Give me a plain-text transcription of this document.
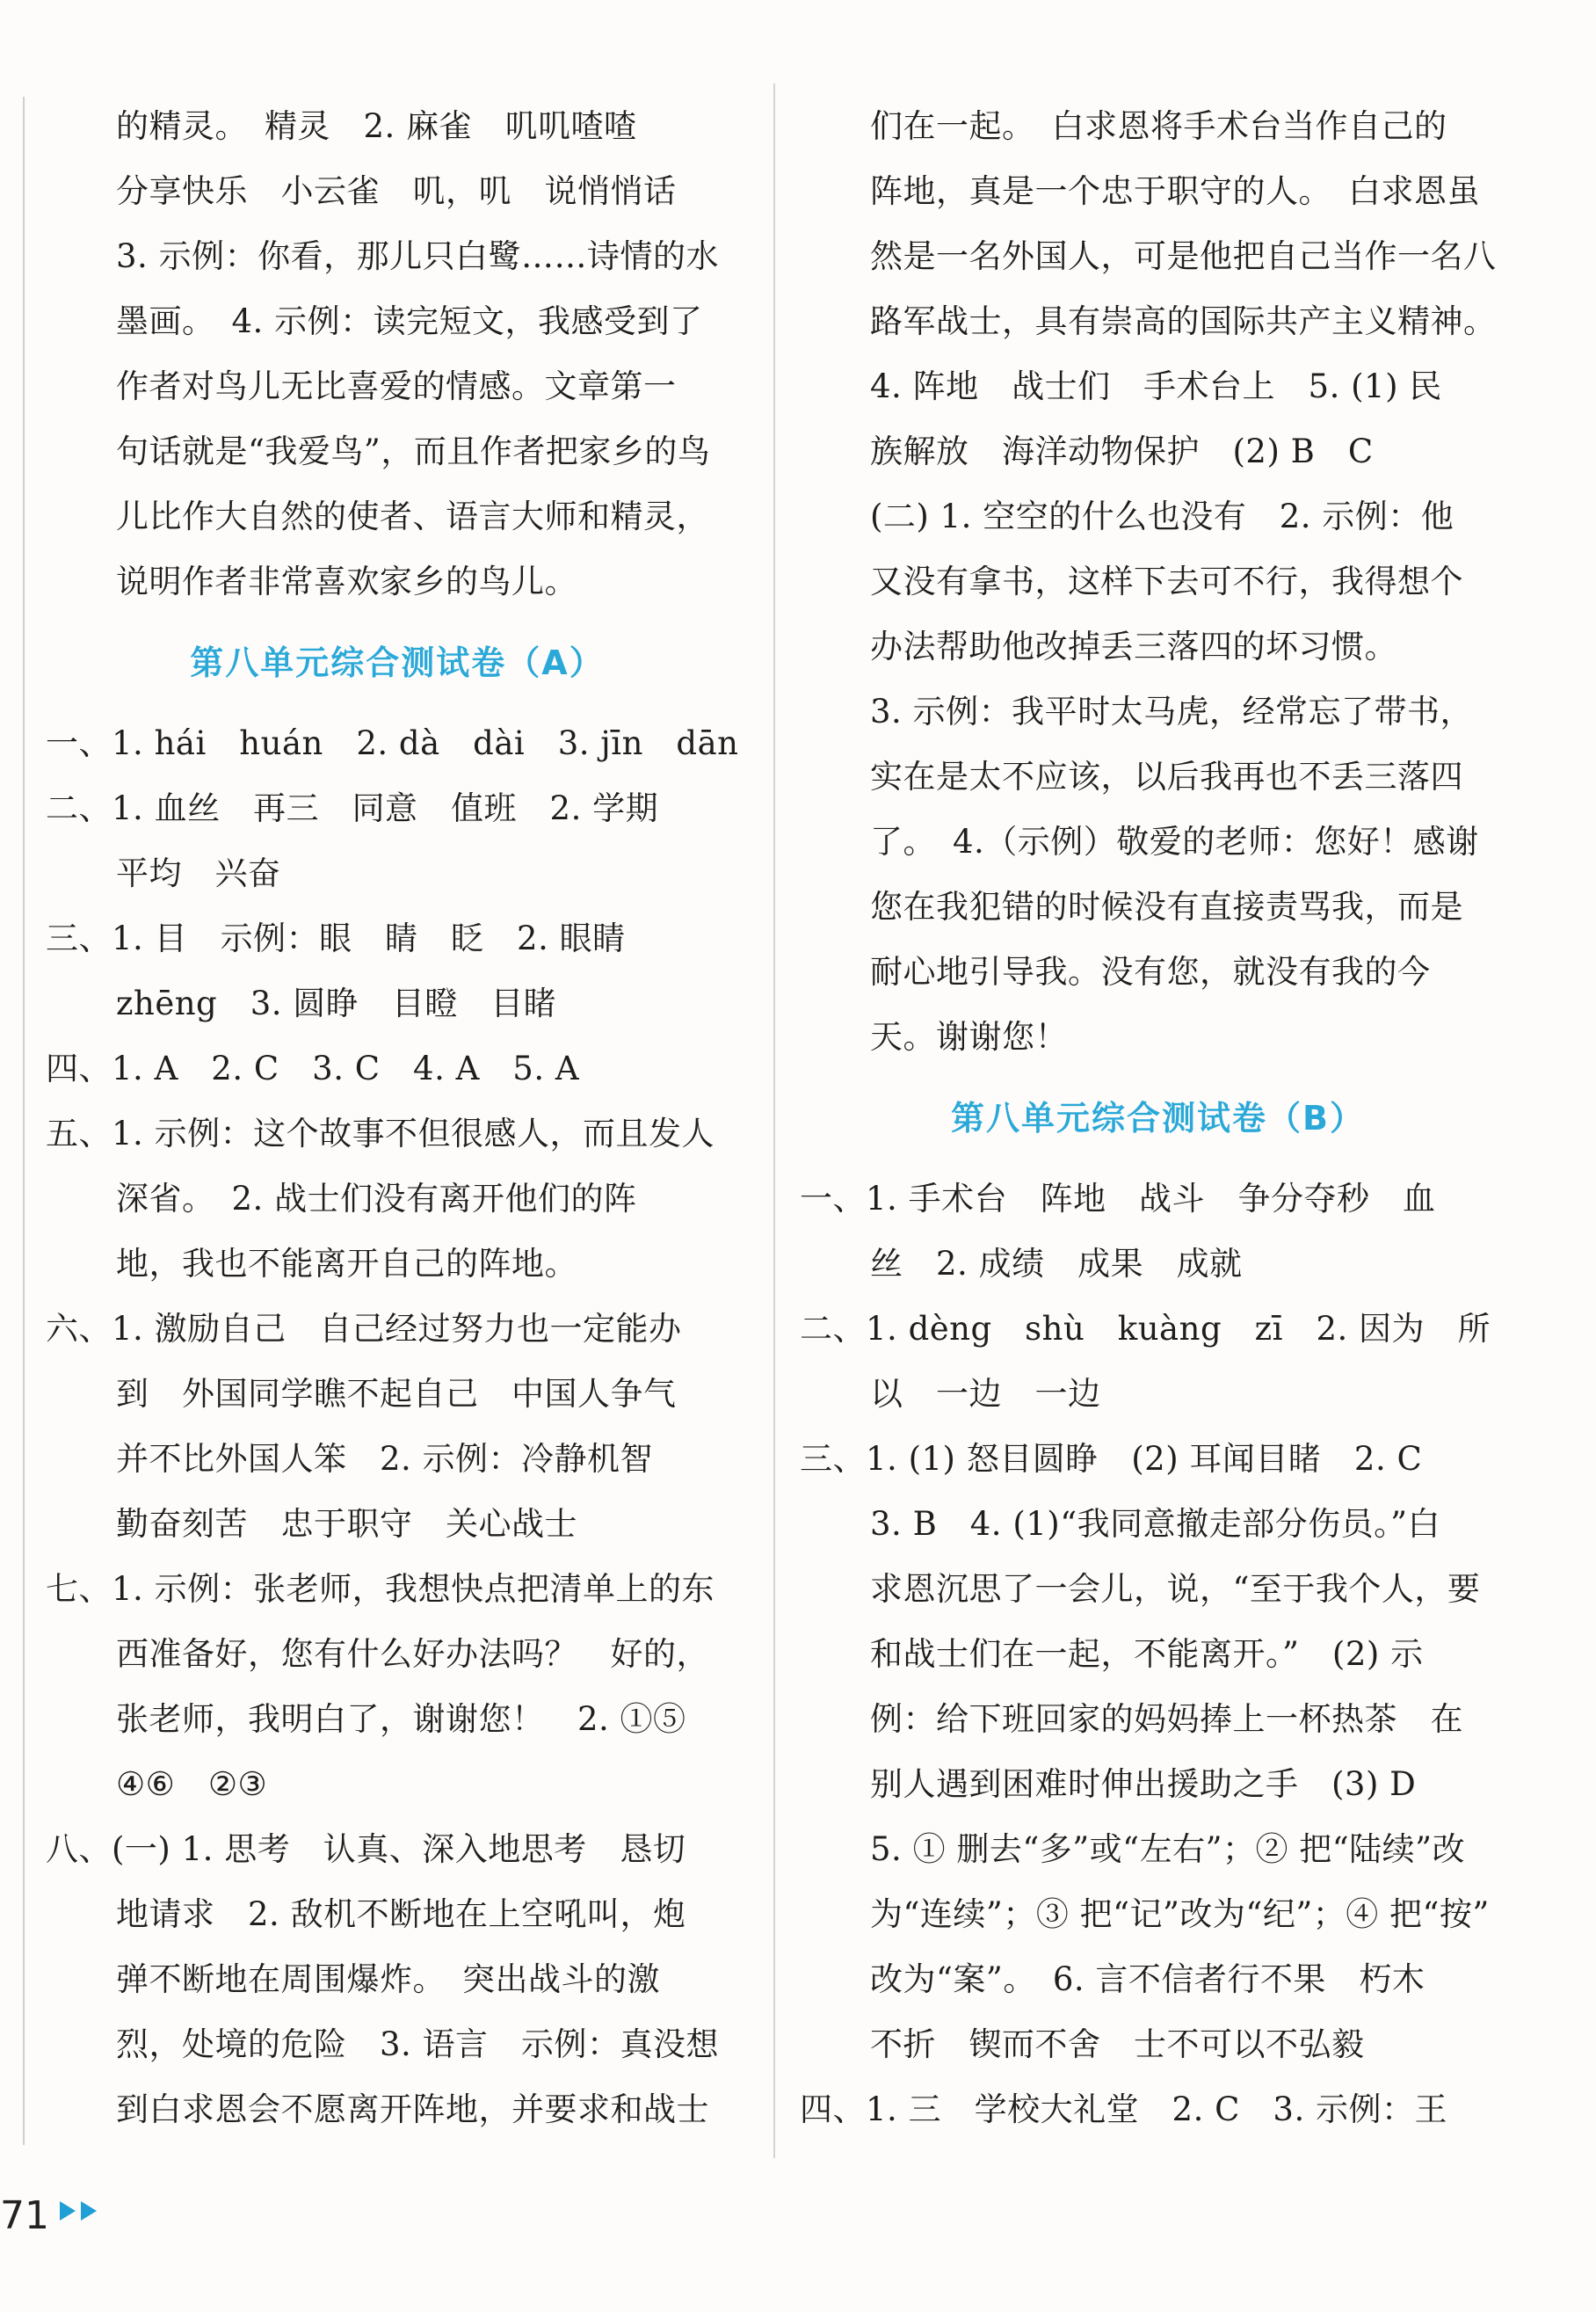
的精灵。　精灵　2. 麻雀　叽叽喳喳
分享快乐　小云雀　叽，叽　说悄悄话
3. 示例：你看，那儿只白鹭……诗情的水
墨画。　4. 示例：读完短文，我感受到了
作者对鸟儿无比喜爱的情感。文章第一
句话就是“我爱鸟”，而且作者把家乡的鸟
儿比作大自然的使者、语言大师和精灵，
说明作者非常喜欢家乡的鸟儿。
第八单元综合测试卷（A）
一、1. hái　huán　2. dà　dài　3. jīn　dān
二、1. 血丝　再三　同意　值班　2. 学期
平均　兴奋
三、1. 目　示例：眼　睛　眨　2. 眼睛
zhēng　3. 圆睁　目瞪　目睹
四、1. A　2. C　3. C　4. A　5. A
五、1. 示例：这个故事不但很感人，而且发人
深省。　2. 战士们没有离开他们的阵
地，我也不能离开自己的阵地。
六、1. 激励自己　自己经过努力也一定能办
到　外国同学瞧不起自己　中国人争气
并不比外国人笨　2. 示例：冷静机智
勤奋刻苦　忠于职守　关心战士
七、1. 示例：张老师，我想快点把清单上的东
西准备好，您有什么好办法吗？　好的，
张老师，我明白了，谢谢您！　2. ①⑤
④⑥　②③
八、(一) 1. 思考　认真、深入地思考　恳切
地请求　2. 敌机不断地在上空吼叫，炮
弹不断地在周围爆炸。　突出战斗的激
烈，处境的危险　3. 语言　示例：真没想
到白求恩会不愿离开阵地，并要求和战士
们在一起。　白求恩将手术台当作自己的
阵地，真是一个忠于职守的人。　白求恩虽
然是一名外国人，可是他把自己当作一名八
路军战士，具有崇高的国际共产主义精神。
4. 阵地　战士们　手术台上　5. (1) 民
族解放　海洋动物保护　(2) B　C
(二) 1. 空空的什么也没有　2. 示例：他
又没有拿书，这样下去可不行，我得想个
办法帮助他改掉丢三落四的坏习惯。
3. 示例：我平时太马虎，经常忘了带书，
实在是太不应该，以后我再也不丢三落四
了。　4.（示例）敬爱的老师：您好！感谢
您在我犯错的时候没有直接责骂我，而是
耐心地引导我。没有您，就没有我的今
天。谢谢您！
第八单元综合测试卷（B）
一、1. 手术台　阵地　战斗　争分夺秒　血
丝　2. 成绩　成果　成就
二、1. dèng　shù　kuàng　zī　2. 因为　所
以　一边　一边
三、1. (1) 怒目圆睁　(2) 耳闻目睹　2. C
3. B　4. (1)“我同意撤走部分伤员。”白
求恩沉思了一会儿，说，“至于我个人，要
和战士们在一起，不能离开。”　(2) 示
例：给下班回家的妈妈捧上一杯热茶　在
别人遇到困难时伸出援助之手　(3) D
5. ① 删去“多”或“左右”；② 把“陆续”改
为“连续”；③ 把“记”改为“纪”；④ 把“按”
改为“案”。　6. 言不信者行不果　朽木
不折　锲而不舍　士不可以不弘毅
四、1. 三　学校大礼堂　2. C　3. 示例：王
71
